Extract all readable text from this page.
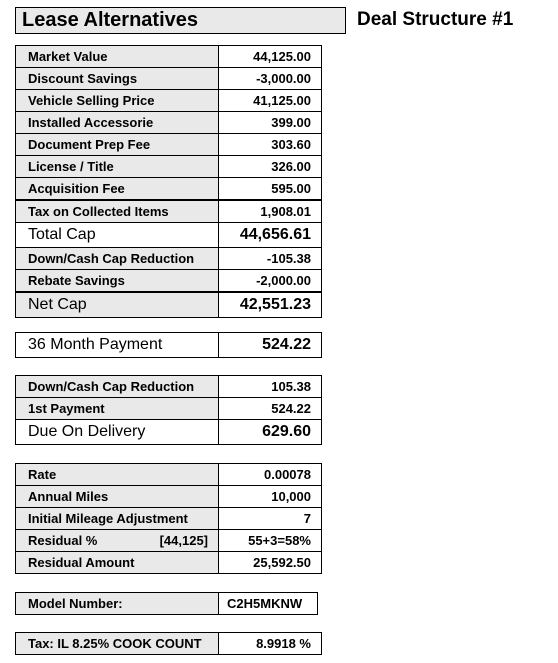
Lease Alternatives	Deal Structure #1
Market Value	44,125.00
Discount Savings	-3,000.00
Vehicle Selling Price	41,125.00
Installed Accessorie	399.00
Document Prep Fee	303.60
License / Title	326.00
Acquisition Fee	595.00
Tax on Collected Items	1,908.01
Total Cap	44,656.61
Down/Cash Cap Reduction	-105.38
Rebate Savings	-2,000.00
Net Cap	42,551.23
36 Month Payment	524.22
Down/Cash Cap Reduction	105.38
1st Payment	524.22
Due On Delivery	629.60
Rate	0.00078
Annual Miles	10,000
Initial Mileage Adjustment	7

Residual % [44,125]	55+3=58%
Residual Amount	25,592.50
Model Number:	C2H5MKNW
Tax: IL 8.25% COOK COUNT	8.9918 %
